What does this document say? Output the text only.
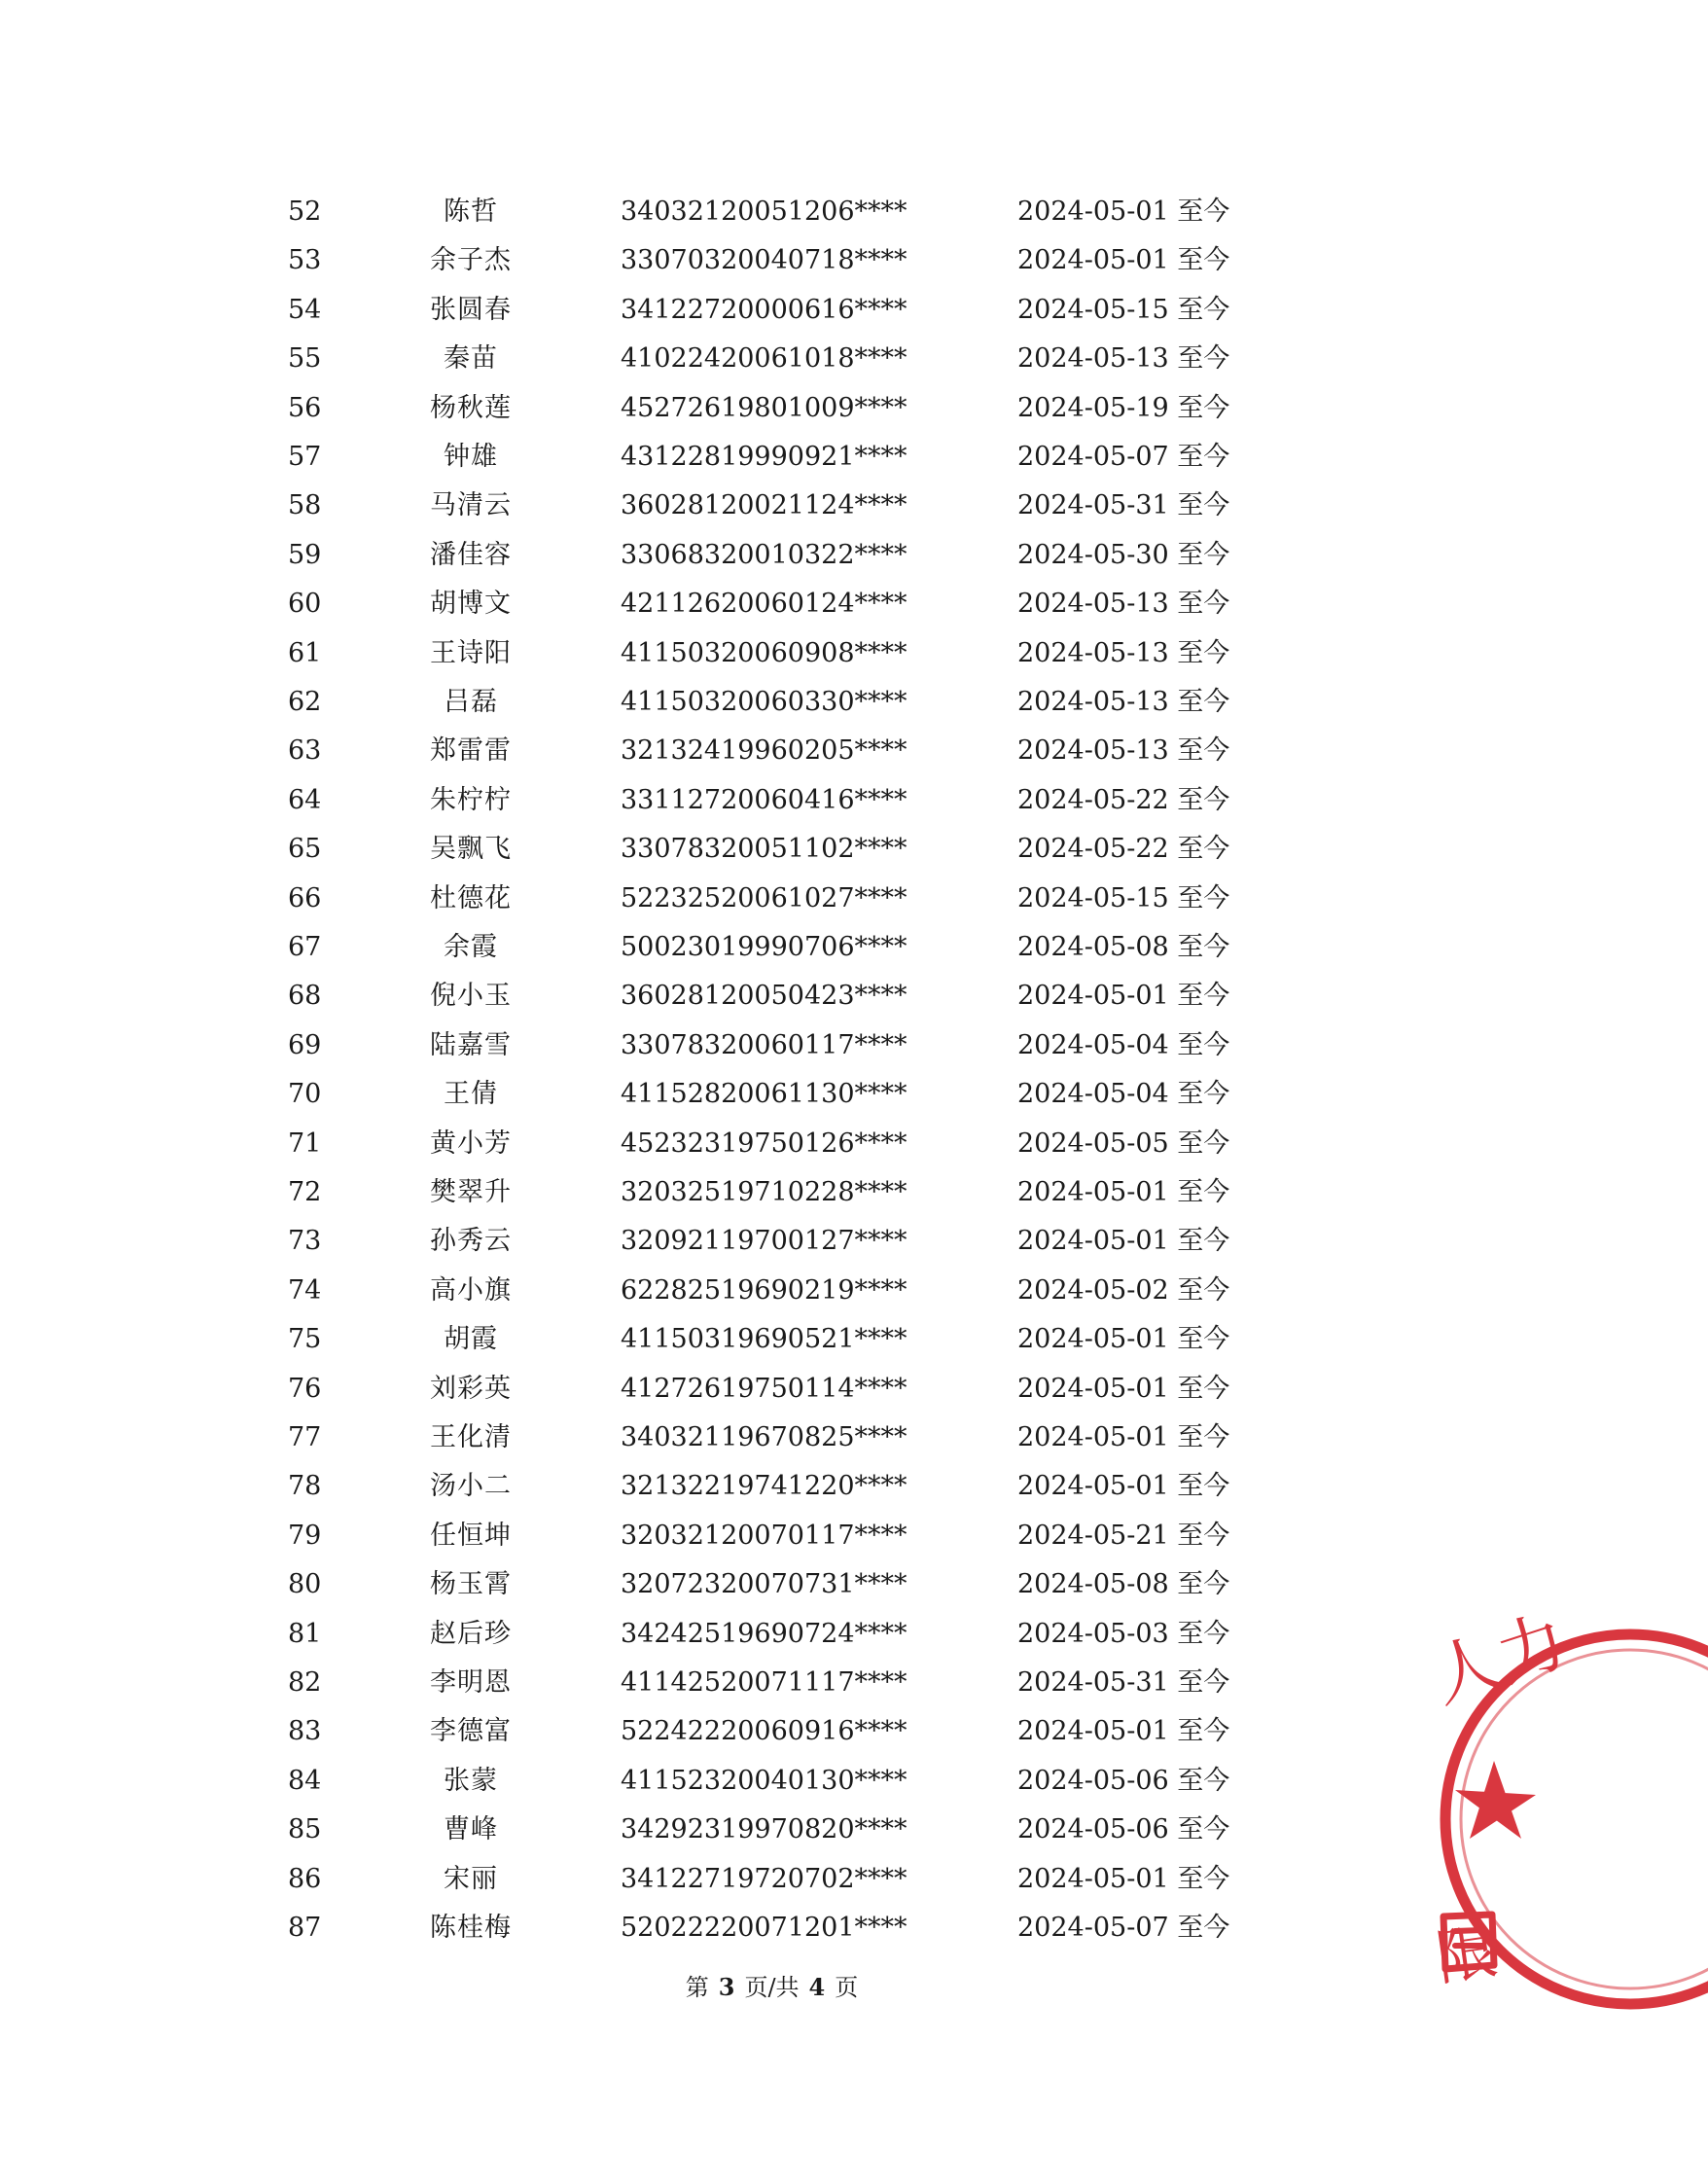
52	陈哲	34032120051206****	2024-05-01 至今
53	余子杰	33070320040718****	2024-05-01 至今
54	张圆春	34122720000616****	2024-05-15 至今
55	秦苗	41022420061018****	2024-05-13 至今
56	杨秋莲	45272619801009****	2024-05-19 至今
57	钟雄	43122819990921****	2024-05-07 至今
58	马清云	36028120021124****	2024-05-31 至今
59	潘佳容	33068320010322****	2024-05-30 至今
60	胡博文	42112620060124****	2024-05-13 至今
61	王诗阳	41150320060908****	2024-05-13 至今
62	吕磊	41150320060330****	2024-05-13 至今
63	郑雷雷	32132419960205****	2024-05-13 至今
64	朱柠柠	33112720060416****	2024-05-22 至今
65	吴飘飞	33078320051102****	2024-05-22 至今
66	杜德花	52232520061027****	2024-05-15 至今
67	余霞	50023019990706****	2024-05-08 至今
68	倪小玉	36028120050423****	2024-05-01 至今
69	陆嘉雪	33078320060117****	2024-05-04 至今
70	王倩	41152820061130****	2024-05-04 至今
71	黄小芳	45232319750126****	2024-05-05 至今
72	樊翠升	32032519710228****	2024-05-01 至今
73	孙秀云	32092119700127****	2024-05-01 至今
74	高小旗	62282519690219****	2024-05-02 至今
75	胡霞	41150319690521****	2024-05-01 至今
76	刘彩英	41272619750114****	2024-05-01 至今
77	王化清	34032119670825****	2024-05-01 至今
78	汤小二	32132219741220****	2024-05-01 至今
79	任恒坤	32032120070117****	2024-05-21 至今
80	杨玉霄	32072320070731****	2024-05-08 至今
81	赵后珍	34242519690724****	2024-05-03 至今
82	李明恩	41142520071117****	2024-05-31 至今
83	李德富	52242220060916****	2024-05-01 至今
84	张蒙	41152320040130****	2024-05-06 至今
85	曹峰	34292319970820****	2024-05-06 至今
86	宋丽	34122719720702****	2024-05-01 至今
87	陈桂梅	52022220071201****	2024-05-07 至今
第 3 页/共 4 页
人力
限
